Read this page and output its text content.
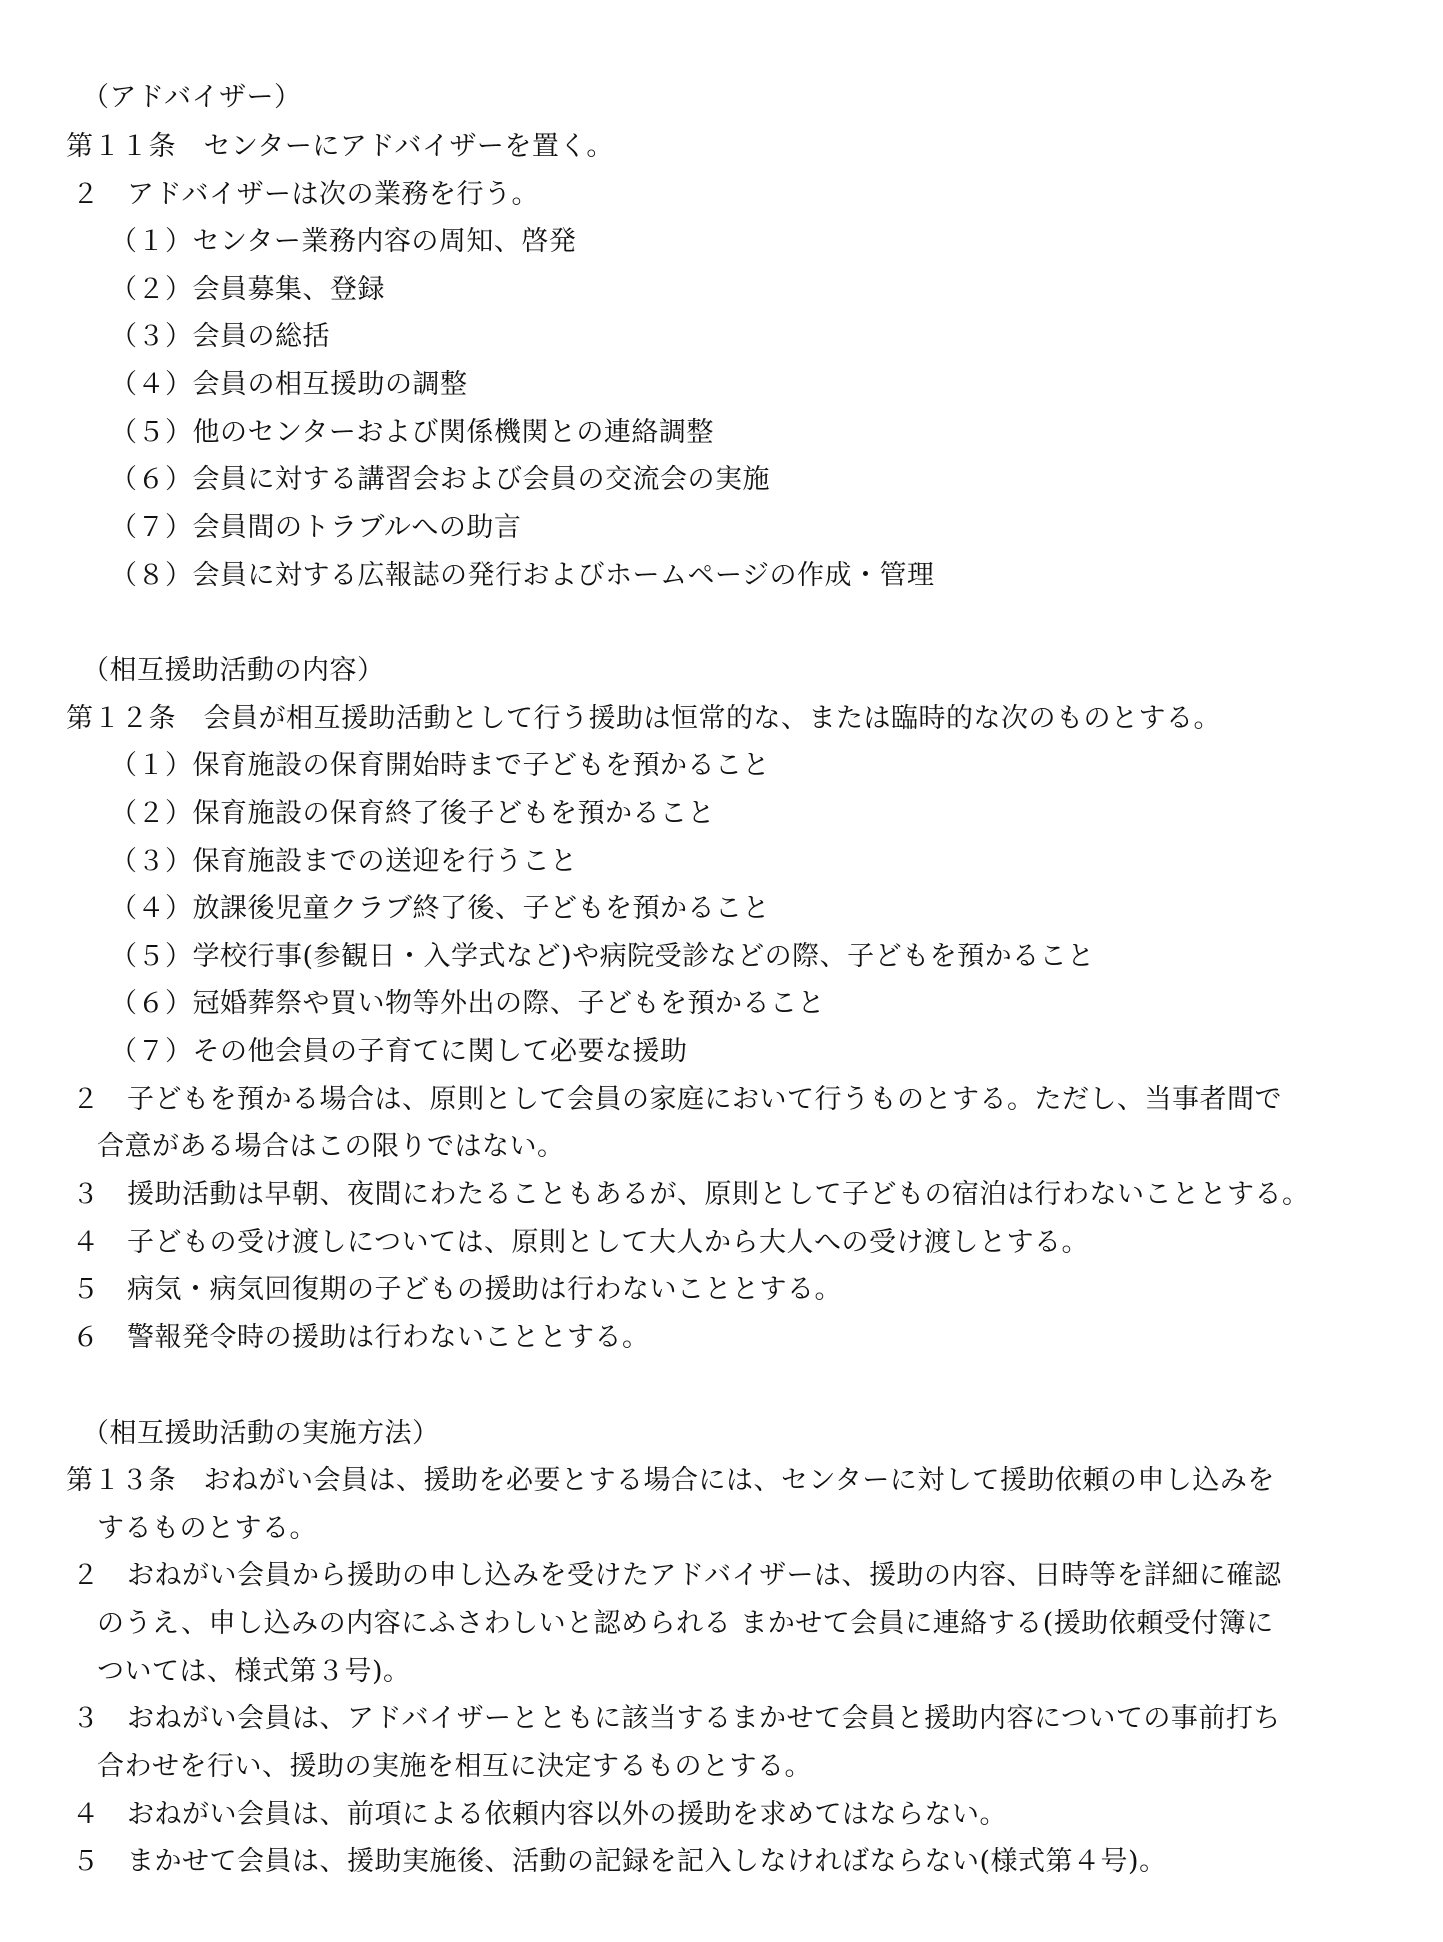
（アドバイザー）
第１１条　センターにアドバイザーを置く。
２　アドバイザーは次の業務を行う。
（１）センター業務内容の周知、啓発
（２）会員募集、登録
（３）会員の総括
（４）会員の相互援助の調整
（５）他のセンターおよび関係機関との連絡調整
（６）会員に対する講習会および会員の交流会の実施
（７）会員間のトラブルへの助言
（８）会員に対する広報誌の発行およびホームページの作成・管理
（相互援助活動の内容）
第１２条　会員が相互援助活動として行う援助は恒常的な、または臨時的な次のものとする。
（１）保育施設の保育開始時まで子どもを預かること
（２）保育施設の保育終了後子どもを預かること
（３）保育施設までの送迎を行うこと
（４）放課後児童クラブ終了後、子どもを預かること
（５）学校行事(参観日・入学式など)や病院受診などの際、子どもを預かること
（６）冠婚葬祭や買い物等外出の際、子どもを預かること
（７）その他会員の子育てに関して必要な援助
２　子どもを預かる場合は、原則として会員の家庭において行うものとする。ただし、当事者間で
合意がある場合はこの限りではない。
３　援助活動は早朝、夜間にわたることもあるが、原則として子どもの宿泊は行わないこととする。
４　子どもの受け渡しについては、原則として大人から大人への受け渡しとする。
５　病気・病気回復期の子どもの援助は行わないこととする。
６　警報発令時の援助は行わないこととする。
（相互援助活動の実施方法）
第１３条　おねがい会員は、援助を必要とする場合には、センターに対して援助依頼の申し込みを
するものとする。
２　おねがい会員から援助の申し込みを受けたアドバイザーは、援助の内容、日時等を詳細に確認
のうえ、申し込みの内容にふさわしいと認められる まかせて会員に連絡する(援助依頼受付簿に
ついては、様式第３号)。
３　おねがい会員は、アドバイザーとともに該当するまかせて会員と援助内容についての事前打ち
合わせを行い、援助の実施を相互に決定するものとする。
４　おねがい会員は、前項による依頼内容以外の援助を求めてはならない。
５　まかせて会員は、援助実施後、活動の記録を記入しなければならない(様式第４号)。
